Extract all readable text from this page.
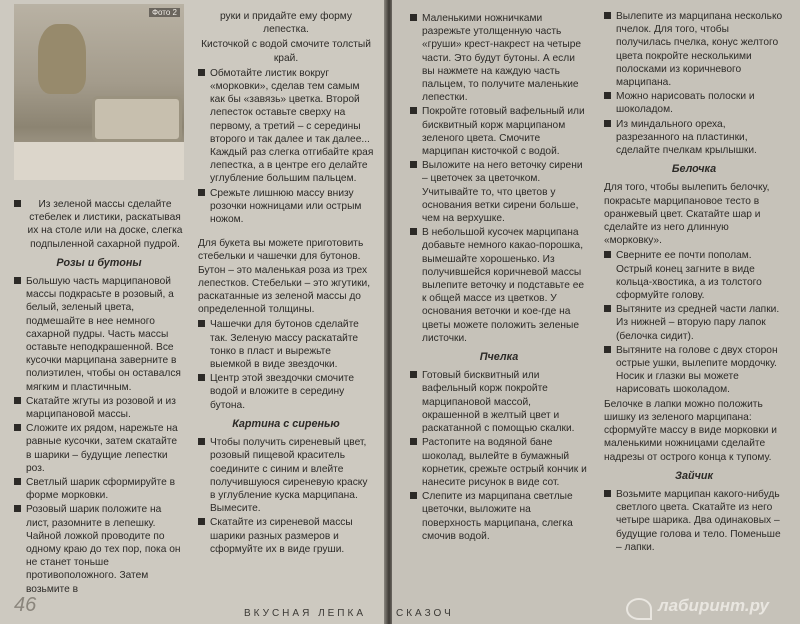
Фото 2
Из зеленой массы сделайте стебелек и листики, раскатывая их на столе или на доске, слегка подпыленной сахарной пудрой.
Розы и бутоны
Большую часть марципановой массы подкрасьте в розовый, а белый, зеленый цвета, подмешайте в нее немного сахарной пудры. Часть массы оставьте неподкрашенной. Все кусочки марципана заверните в полиэтилен, чтобы он оставался мягким и пластичным.
Скатайте жгуты из розовой и из марципановой массы.
Сложите их рядом, нарежьте на равные кусочки, затем скатайте в шарики – будущие лепестки роз.
Светлый шарик сформируйте в форме морковки.
Розовый шарик положите на лист, разомните в лепешку. Чайной ложкой проводите по одному краю до тех пор, пока он не станет тоньше противоположного. Затем возьмите в
руки и придайте ему форму лепестка.
Кисточкой с водой смочите толстый край.
Обмотайте листик вокруг «морковки», сделав тем самым как бы «завязь» цветка. Второй лепесток оставьте сверху на первому, а третий – с середины второго и так далее и так далее... Каждый раз слегка отгибайте края лепестка, а в центре его делайте углубление большим пальцем.
Срежьте лишнюю массу внизу розочки ножницами или острым ножом.
Для букета вы можете приготовить стебельки и чашечки для бутонов. Бутон – это маленькая роза из трех лепестков. Стебельки – это жгутики, раскатанные из зеленой массы до определенной толщины.
Чашечки для бутонов сделайте так. Зеленую массу раскатайте тонко в пласт и вырежьте выемкой в виде звездочки.
Центр этой звездочки смочите водой и вложите в середину бутона.
Картина с сиренью
Чтобы получить сиреневый цвет, розовый пищевой краситель соедините с синим и влейте получившуюся сиреневую краску в углубление куска марципана. Вымесите.
Скатайте из сиреневой массы шарики разных размеров и сформуйте их в виде груши.
46	ВКУСНАЯ ЛЕПКА
Маленькими ножничками разрежьте утолщенную часть «груши» крест-накрест на четыре части. Это будут бутоны. А если вы нажмете на каждую часть пальцем, то получите маленькие лепестки.
Покройте готовый вафельный или бисквитный корж марципаном зеленого цвета. Смочите марципан кисточкой с водой.
Выложите на него веточку сирени – цветочек за цветочком. Учитывайте то, что цветов у основания ветки сирени больше, чем на верхушке.
В небольшой кусочек марципана добавьте немного какао-порошка, вымешайте хорошенько. Из получившейся коричневой массы вылепите веточку и подставьте ее к общей массе из цветков. У основания веточки и кое-где на цветы можете положить зеленые листочки.
Пчелка
Готовый бисквитный или вафельный корж покройте марципановой массой, окрашенной в желтый цвет и раскатанной с помощью скалки.
Растопите на водяной бане шоколад, вылейте в бумажный корнетик, срежьте острый кончик и нанесите рисунок в виде сот.
Слепите из марципана светлые цветочки, выложите на поверхность марципана, слегка смочив водой.
Вылепите из марципана несколько пчелок. Для того, чтобы получилась пчелка, конус желтого цвета покройте несколькими полосками из коричневого марципана.
Можно нарисовать полоски и шоколадом.
Из миндального ореха, разрезанного на пластинки, сделайте пчелкам крылышки.
Белочка
Для того, чтобы вылепить белочку, покрасьте марципановое тесто в оранжевый цвет. Скатайте шар и сделайте из него длинную «морковку».
Сверните ее почти пополам. Острый конец загните в виде кольца-хвостика, а из толстого сформуйте голову.
Вытяните из средней части лапки. Из нижней – вторую пару лапок (белочка сидит).
Вытяните на голове с двух сторон острые ушки, вылепите мордочку. Носик и глазки вы можете нарисовать шоколадом.
Белочке в лапки можно положить шишку из зеленого марципана: сформуйте массу в виде морковки и маленькими ножницами сделайте надрезы от острого конца к тупому.
Зайчик
Возьмите марципан какого-нибудь светлого цвета. Скатайте из него четыре шарика. Два одинаковых – будущие голова и тело. Поменьше – лапки.
СКАЗОЧ	лабиринт.ру
